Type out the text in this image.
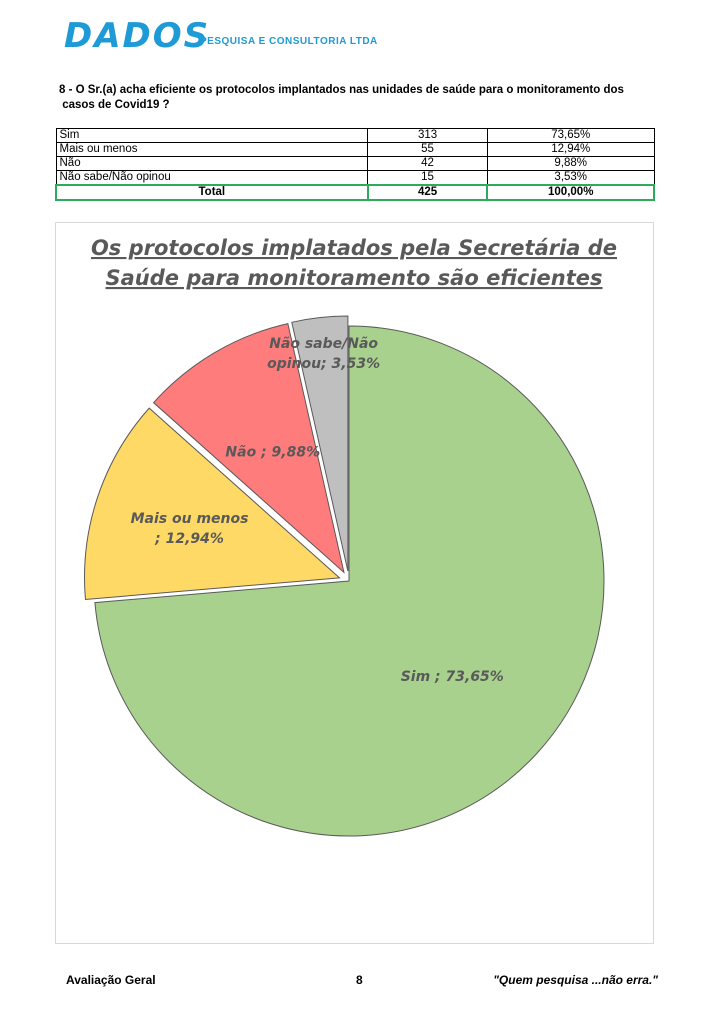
DADOS
PESQUISA E CONSULTORIA LTDA
8 - O Sr.(a) acha eficiente os protocolos implantados nas unidades de saúde para o monitoramento dos
casos de Covid19 ?
Sim	313	73,65%
Mais ou menos	55	12,94%
Não	42	9,88%
Não sabe/Não opinou	15	3,53%
Total	425	100,00%
Os protocolos implatados pela Secretária de
Saúde para monitoramento são eficientes
Sim ; 73,65%
Mais ou menos ; 12,94%
Não ; 9,88%
Não sabe/Não opinou; 3,53%
Avaliação Geral	8	"Quem pesquisa ...não erra."
